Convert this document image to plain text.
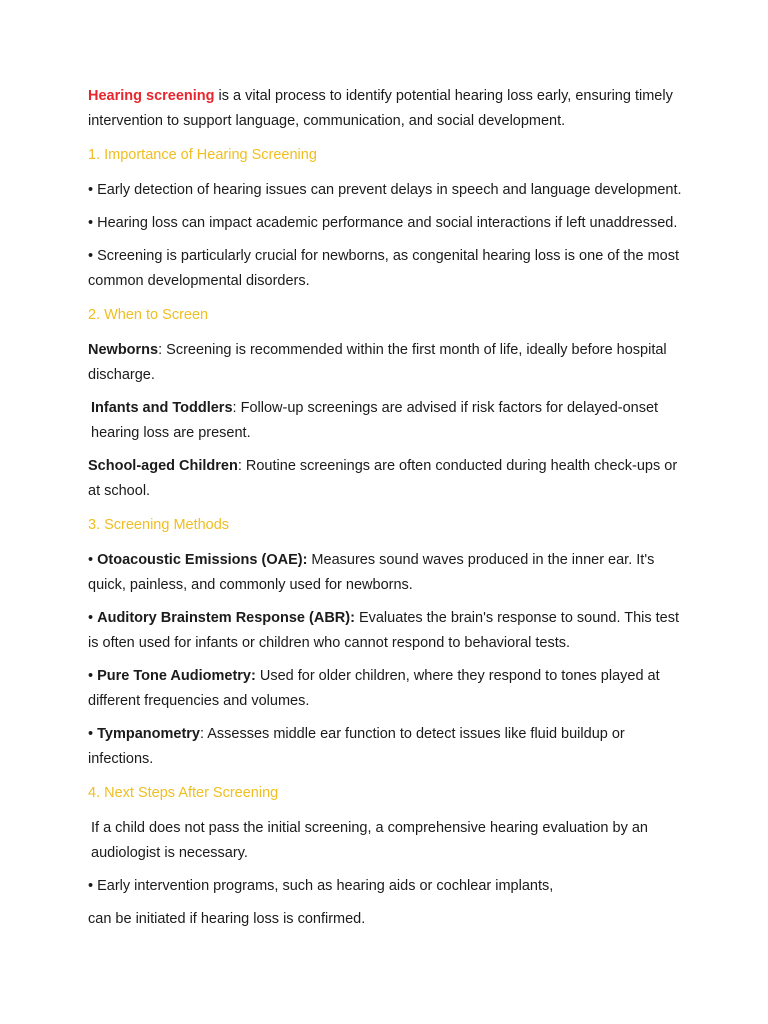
Hearing screening is a vital process to identify potential hearing loss early, ensuring timely intervention to support language, communication, and social development.

1. Importance of Hearing Screening

• Early detection of hearing issues can prevent delays in speech and language development.

• Hearing loss can impact academic performance and social interactions if left unaddressed.

• Screening is particularly crucial for newborns, as congenital hearing loss is one of the most common developmental disorders.

2. When to Screen

Newborns: Screening is recommended within the first month of life, ideally before hospital discharge.

Infants and Toddlers: Follow-up screenings are advised if risk factors for delayed-onset hearing loss are present.

School-aged Children: Routine screenings are often conducted during health check-ups or at school.

3. Screening Methods

• Otoacoustic Emissions (OAE): Measures sound waves produced in the inner ear. It's quick, painless, and commonly used for newborns.

• Auditory Brainstem Response (ABR): Evaluates the brain's response to sound. This test is often used for infants or children who cannot respond to behavioral tests.

• Pure Tone Audiometry: Used for older children, where they respond to tones played at different frequencies and volumes.

• Tympanometry: Assesses middle ear function to detect issues like fluid buildup or infections.

4. Next Steps After Screening

If a child does not pass the initial screening, a comprehensive hearing evaluation by an audiologist is necessary.

• Early intervention programs, such as hearing aids or cochlear implants,

can be initiated if hearing loss is confirmed.
